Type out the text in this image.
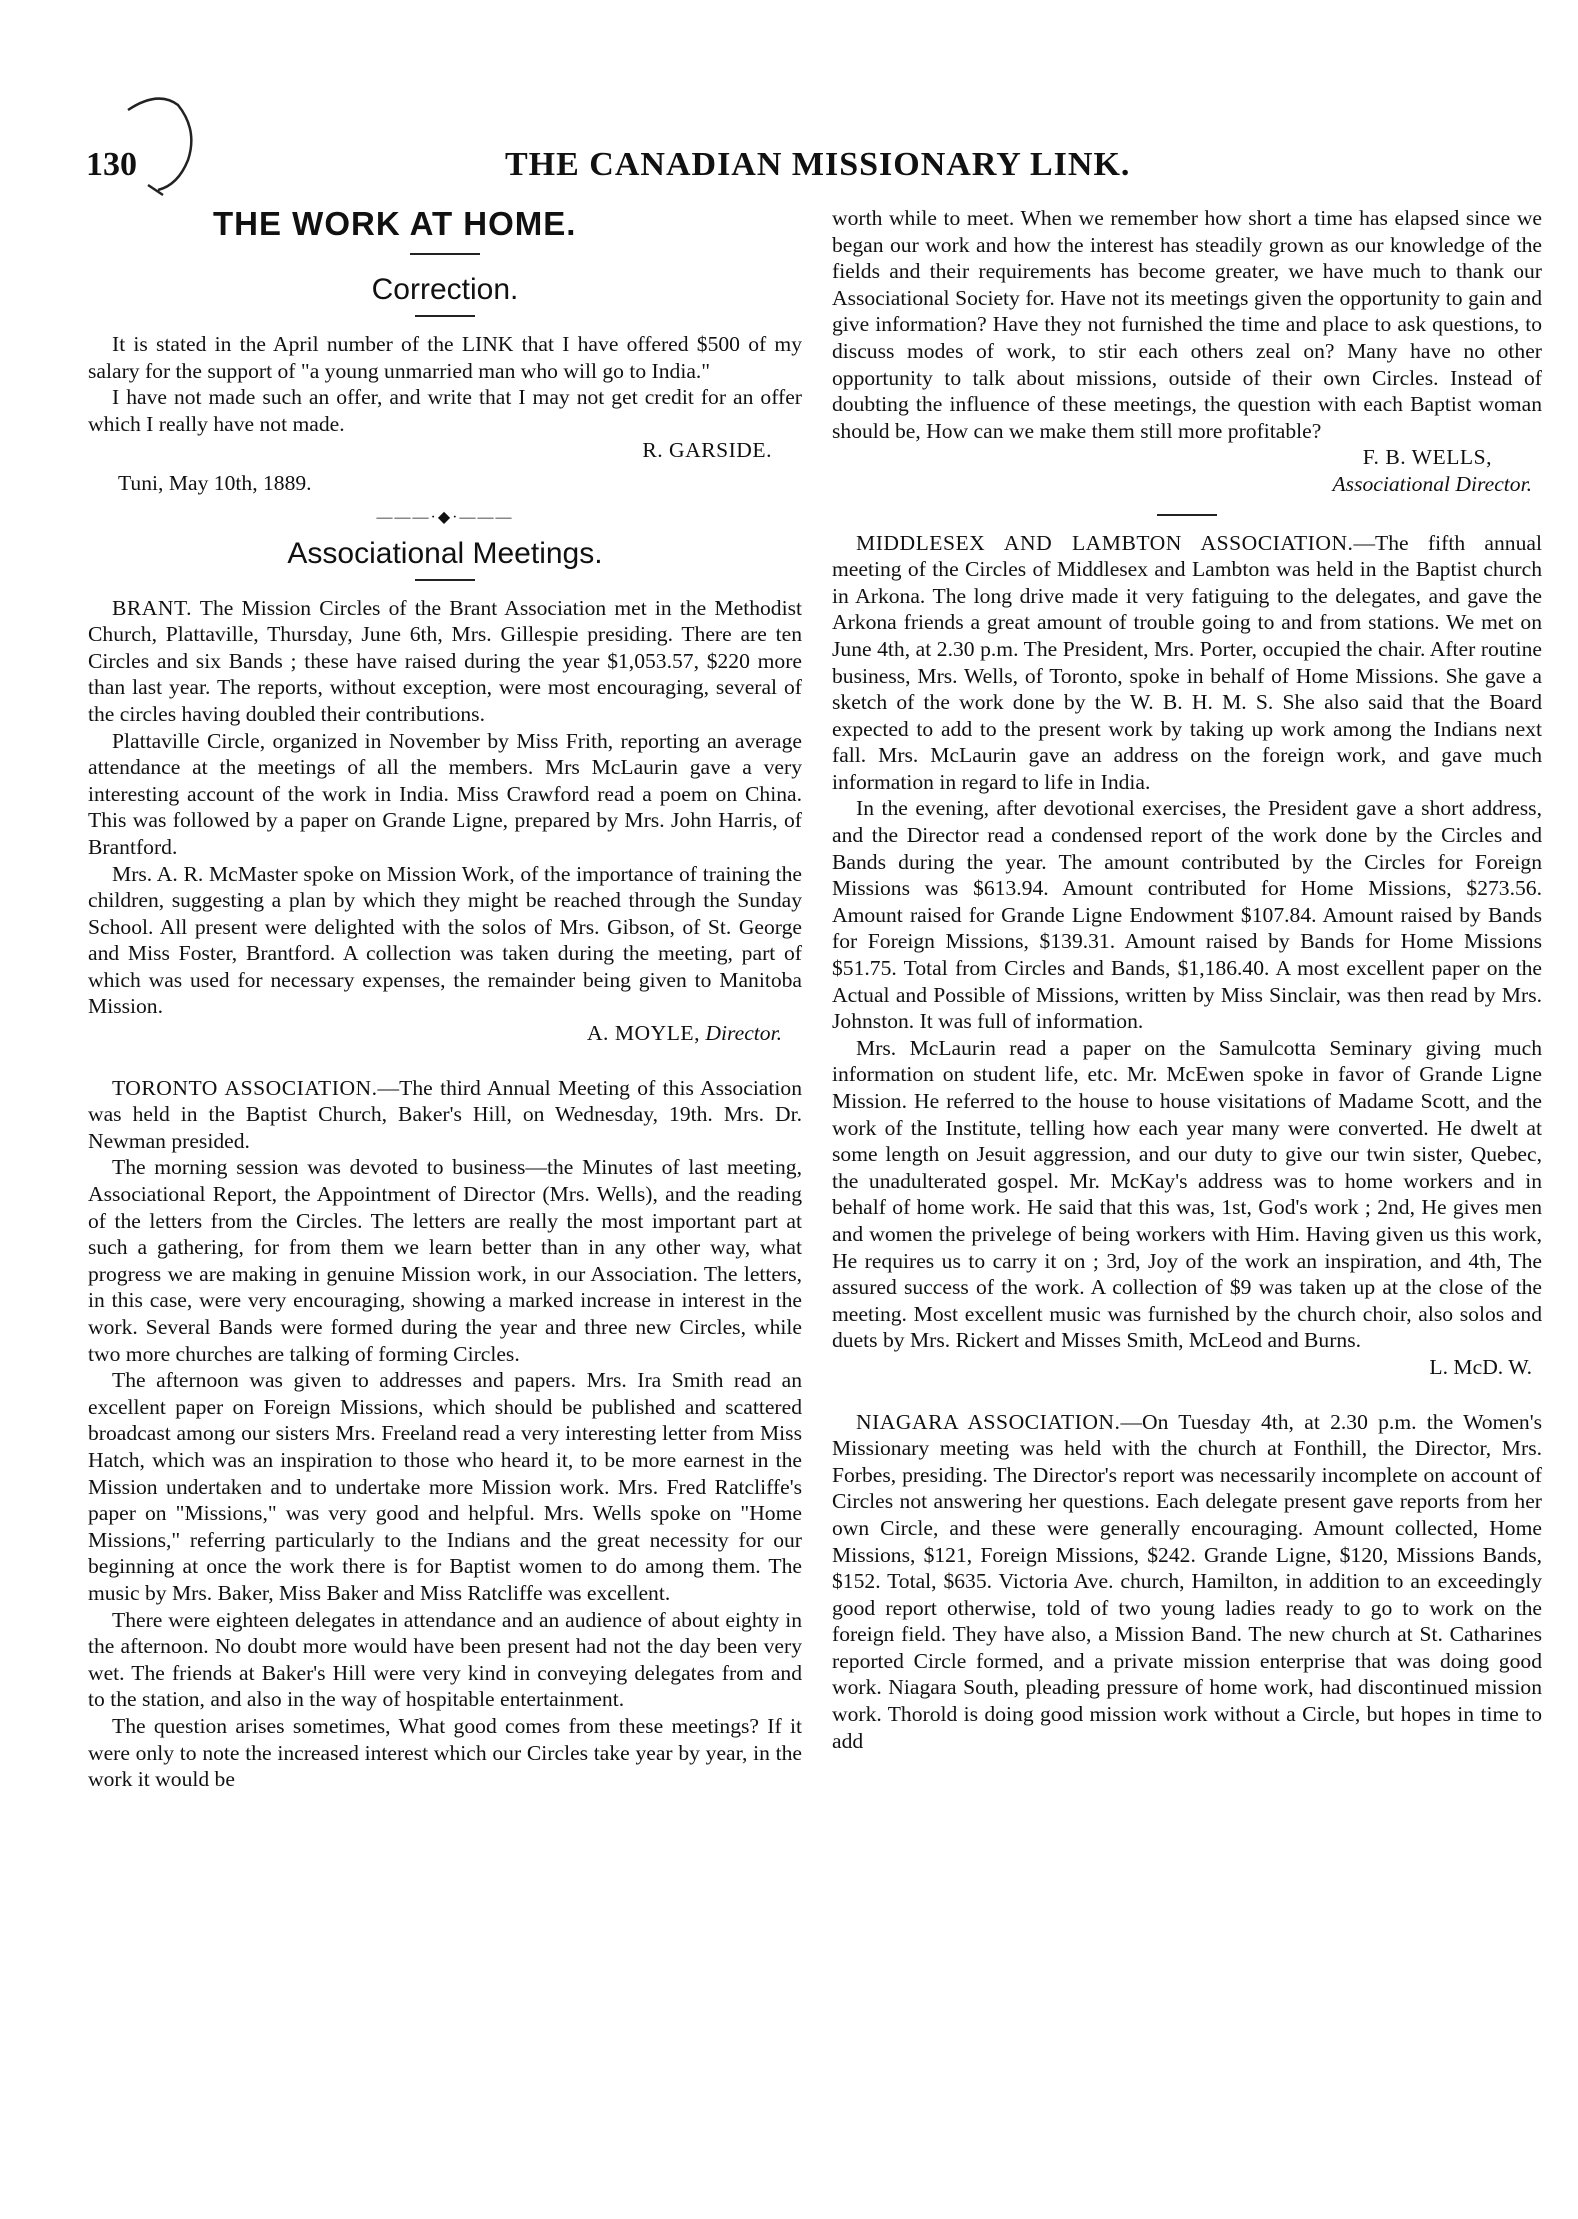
130	THE CANADIAN MISSIONARY LINK.
THE WORK AT HOME.
Correction.

It is stated in the April number of the LINK that I have offered $500 of my salary for the support of "a young unmarried man who will go to India."

I have not made such an offer, and write that I may not get credit for an offer which I really have not made.

R. GARSIDE.
Tuni, May 10th, 1889.
———·◆·———
Associational Meetings.

BRANT. The Mission Circles of the Brant Association met in the Methodist Church, Plattaville, Thursday, June 6th, Mrs. Gillespie presiding. There are ten Circles and six Bands ; these have raised during the year $1,053.57, $220 more than last year. The reports, without exception, were most encouraging, several of the circles having doubled their contributions.

Plattaville Circle, organized in November by Miss Frith, reporting an average attendance at the meetings of all the members. Mrs McLaurin gave a very interesting account of the work in India. Miss Crawford read a poem on China. This was followed by a paper on Grande Ligne, prepared by Mrs. John Harris, of Brantford.

Mrs. A. R. McMaster spoke on Mission Work, of the importance of training the children, suggesting a plan by which they might be reached through the Sunday School. All present were delighted with the solos of Mrs. Gibson, of St. George and Miss Foster, Brantford. A collection was taken during the meeting, part of which was used for necessary expenses, the remainder being given to Manitoba Mission.

A. MOYLE, Director.

TORONTO ASSOCIATION.—The third Annual Meeting of this Association was held in the Baptist Church, Baker's Hill, on Wednesday, 19th. Mrs. Dr. Newman presided.

The morning session was devoted to business—the Minutes of last meeting, Associational Report, the Appointment of Director (Mrs. Wells), and the reading of the letters from the Circles. The letters are really the most important part at such a gathering, for from them we learn better than in any other way, what progress we are making in genuine Mission work, in our Association. The letters, in this case, were very encouraging, showing a marked increase in interest in the work. Several Bands were formed during the year and three new Circles, while two more churches are talking of forming Circles.

The afternoon was given to addresses and papers. Mrs. Ira Smith read an excellent paper on Foreign Missions, which should be published and scattered broadcast among our sisters Mrs. Freeland read a very interesting letter from Miss Hatch, which was an inspiration to those who heard it, to be more earnest in the Mission undertaken and to undertake more Mission work. Mrs. Fred Ratcliffe's paper on "Missions," was very good and helpful. Mrs. Wells spoke on "Home Missions," referring particularly to the Indians and the great necessity for our beginning at once the work there is for Baptist women to do among them. The music by Mrs. Baker, Miss Baker and Miss Ratcliffe was excellent.

There were eighteen delegates in attendance and an audience of about eighty in the afternoon. No doubt more would have been present had not the day been very wet. The friends at Baker's Hill were very kind in conveying delegates from and to the station, and also in the way of hospitable entertainment.

The question arises sometimes, What good comes from these meetings? If it were only to note the increased interest which our Circles take year by year, in the work it would be

worth while to meet. When we remember how short a time has elapsed since we began our work and how the interest has steadily grown as our knowledge of the fields and their requirements has become greater, we have much to thank our Associational Society for. Have not its meetings given the opportunity to gain and give information? Have they not furnished the time and place to ask questions, to discuss modes of work, to stir each others zeal on? Many have no other opportunity to talk about missions, outside of their own Circles. Instead of doubting the influence of these meetings, the question with each Baptist woman should be, How can we make them still more profitable?

F. B. WELLS,
Associational Director.

MIDDLESEX AND LAMBTON ASSOCIATION.—The fifth annual meeting of the Circles of Middlesex and Lambton was held in the Baptist church in Arkona. The long drive made it very fatiguing to the delegates, and gave the Arkona friends a great amount of trouble going to and from stations. We met on June 4th, at 2.30 p.m. The President, Mrs. Porter, occupied the chair. After routine business, Mrs. Wells, of Toronto, spoke in behalf of Home Missions. She gave a sketch of the work done by the W. B. H. M. S. She also said that the Board expected to add to the present work by taking up work among the Indians next fall. Mrs. McLaurin gave an address on the foreign work, and gave much information in regard to life in India.

In the evening, after devotional exercises, the President gave a short address, and the Director read a condensed report of the work done by the Circles and Bands during the year. The amount contributed by the Circles for Foreign Missions was $613.94. Amount contributed for Home Missions, $273.56. Amount raised for Grande Ligne Endowment $107.84. Amount raised by Bands for Foreign Missions, $139.31. Amount raised by Bands for Home Missions $51.75. Total from Circles and Bands, $1,186.40. A most excellent paper on the Actual and Possible of Missions, written by Miss Sinclair, was then read by Mrs. Johnston. It was full of information.

Mrs. McLaurin read a paper on the Samulcotta Seminary giving much information on student life, etc. Mr. McEwen spoke in favor of Grande Ligne Mission. He referred to the house to house visitations of Madame Scott, and the work of the Institute, telling how each year many were converted. He dwelt at some length on Jesuit aggression, and our duty to give our twin sister, Quebec, the unadulterated gospel. Mr. McKay's address was to home workers and in behalf of home work. He said that this was, 1st, God's work ; 2nd, He gives men and women the privelege of being workers with Him. Having given us this work, He requires us to carry it on ; 3rd, Joy of the work an inspiration, and 4th, The assured success of the work. A collection of $9 was taken up at the close of the meeting. Most excellent music was furnished by the church choir, also solos and duets by Mrs. Rickert and Misses Smith, McLeod and Burns.

L. McD. W.

NIAGARA ASSOCIATION.—On Tuesday 4th, at 2.30 p.m. the Women's Missionary meeting was held with the church at Fonthill, the Director, Mrs. Forbes, presiding. The Director's report was necessarily incomplete on account of Circles not answering her questions. Each delegate present gave reports from her own Circle, and these were generally encouraging. Amount collected, Home Missions, $121, Foreign Missions, $242. Grande Ligne, $120, Missions Bands, $152. Total, $635. Victoria Ave. church, Hamilton, in addition to an exceedingly good report otherwise, told of two young ladies ready to go to work on the foreign field. They have also, a Mission Band. The new church at St. Catharines reported Circle formed, and a private mission enterprise that was doing good work. Niagara South, pleading pressure of home work, had discontinued mission work. Thorold is doing good mission work without a Circle, but hopes in time to add
